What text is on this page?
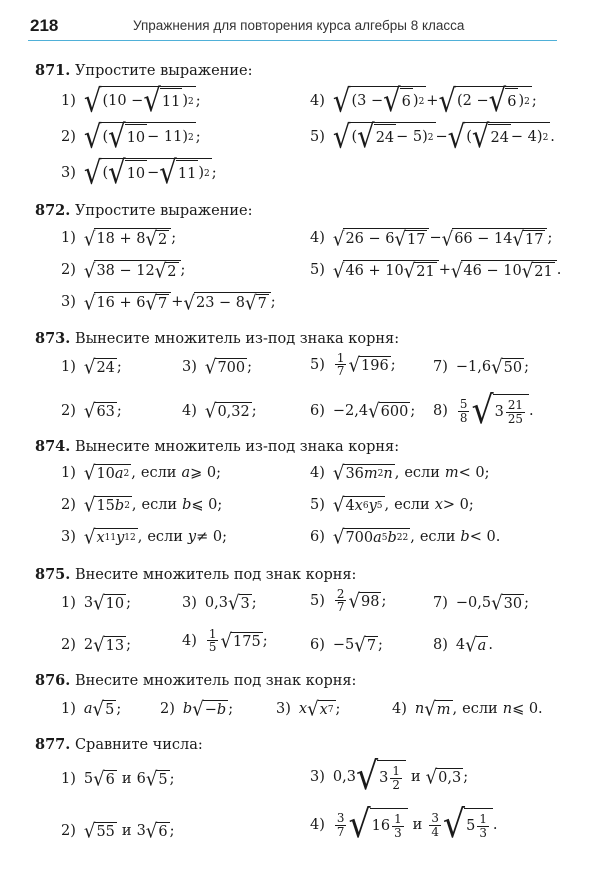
218	Упражнения для повторения курса алгебры 8 класса
871. Упростите выражение:
1) √ (10 − √ 11 ) 2 ;	4) √ (3 − √ 6 ) 2 + √ (2 − √ 6 ) 2 ;
2) √ ( √ 10 − 11) 2 ;	5) √ ( √ 24 − 5) 2 − √ ( √ 24 − 4) 2 .
3) √ ( √ 10 − √ 11 ) 2 ;
872. Упростите выражение:
1) √ 18 + 8 √ 2 ;	4) √ 26 − 6 √ 17 − √ 66 − 14 √ 17 ;
2) √ 38 − 12 √ 2 ;	5) √ 46 + 10 √ 21 + √ 46 − 10 √ 21 .
3) √ 16 + 6 √ 7 + √ 23 − 8 √ 7 ;
873. Вынесите множитель из-под знака корня:
1) √ 24 ;	3) √ 700 ;	$5) \frac{1}{7}$ √ 196 ;	7) −1,6 √ 50 ;
2) √ 63 ;	4) √ 0,32 ;	6) −2,4 √ 600 ; $8) \frac{5}{8}$ √ $3 \frac{21}{25}$ .
874. Вынесите множитель из-под знака корня:
1) √ 10 a 2 , если a ⩾ 0;	4) √ 36 m 2 n , если m < 0;
2) √ 15 b 2 , если b ⩽ 0;	5) √ 4 x 6 y 5 , если x > 0;
3) √ x 11 y 12 , если y ≠ 0;	6) √ 700 a 5 b 22 , если b < 0.
875. Внесите множитель под знак корня:
1) 3 √ 10 ;	3) 0,3 √ 3 ;	$5) \frac{2}{7}$ √ 98 ;	7) −0,5 √ 30 ;
2) 2 √ 13 ;	$4) \frac{1}{5}$ √ 175 ;	6) −5 √ 7 ;	8) 4 √ a .
876. Внесите множитель под знак корня:
1) a √ 5 ;	2) b √ − b ;	3) x √ x 7 ;	4) n √ m , если n ⩽ 0.
877. Сравните числа:
1) 5 √ 6 и 6 √ 5 ;	3) 0,3 √ $3 \frac{1}{2}$ и √ 0,3 ;
2) √ 55 и 3 √ 6 ;	$4) \frac{3}{7}$ √ $16 \frac{1}{3}$ и $\frac{3}{4}$ √ $5 \frac{1}{3}$ .
